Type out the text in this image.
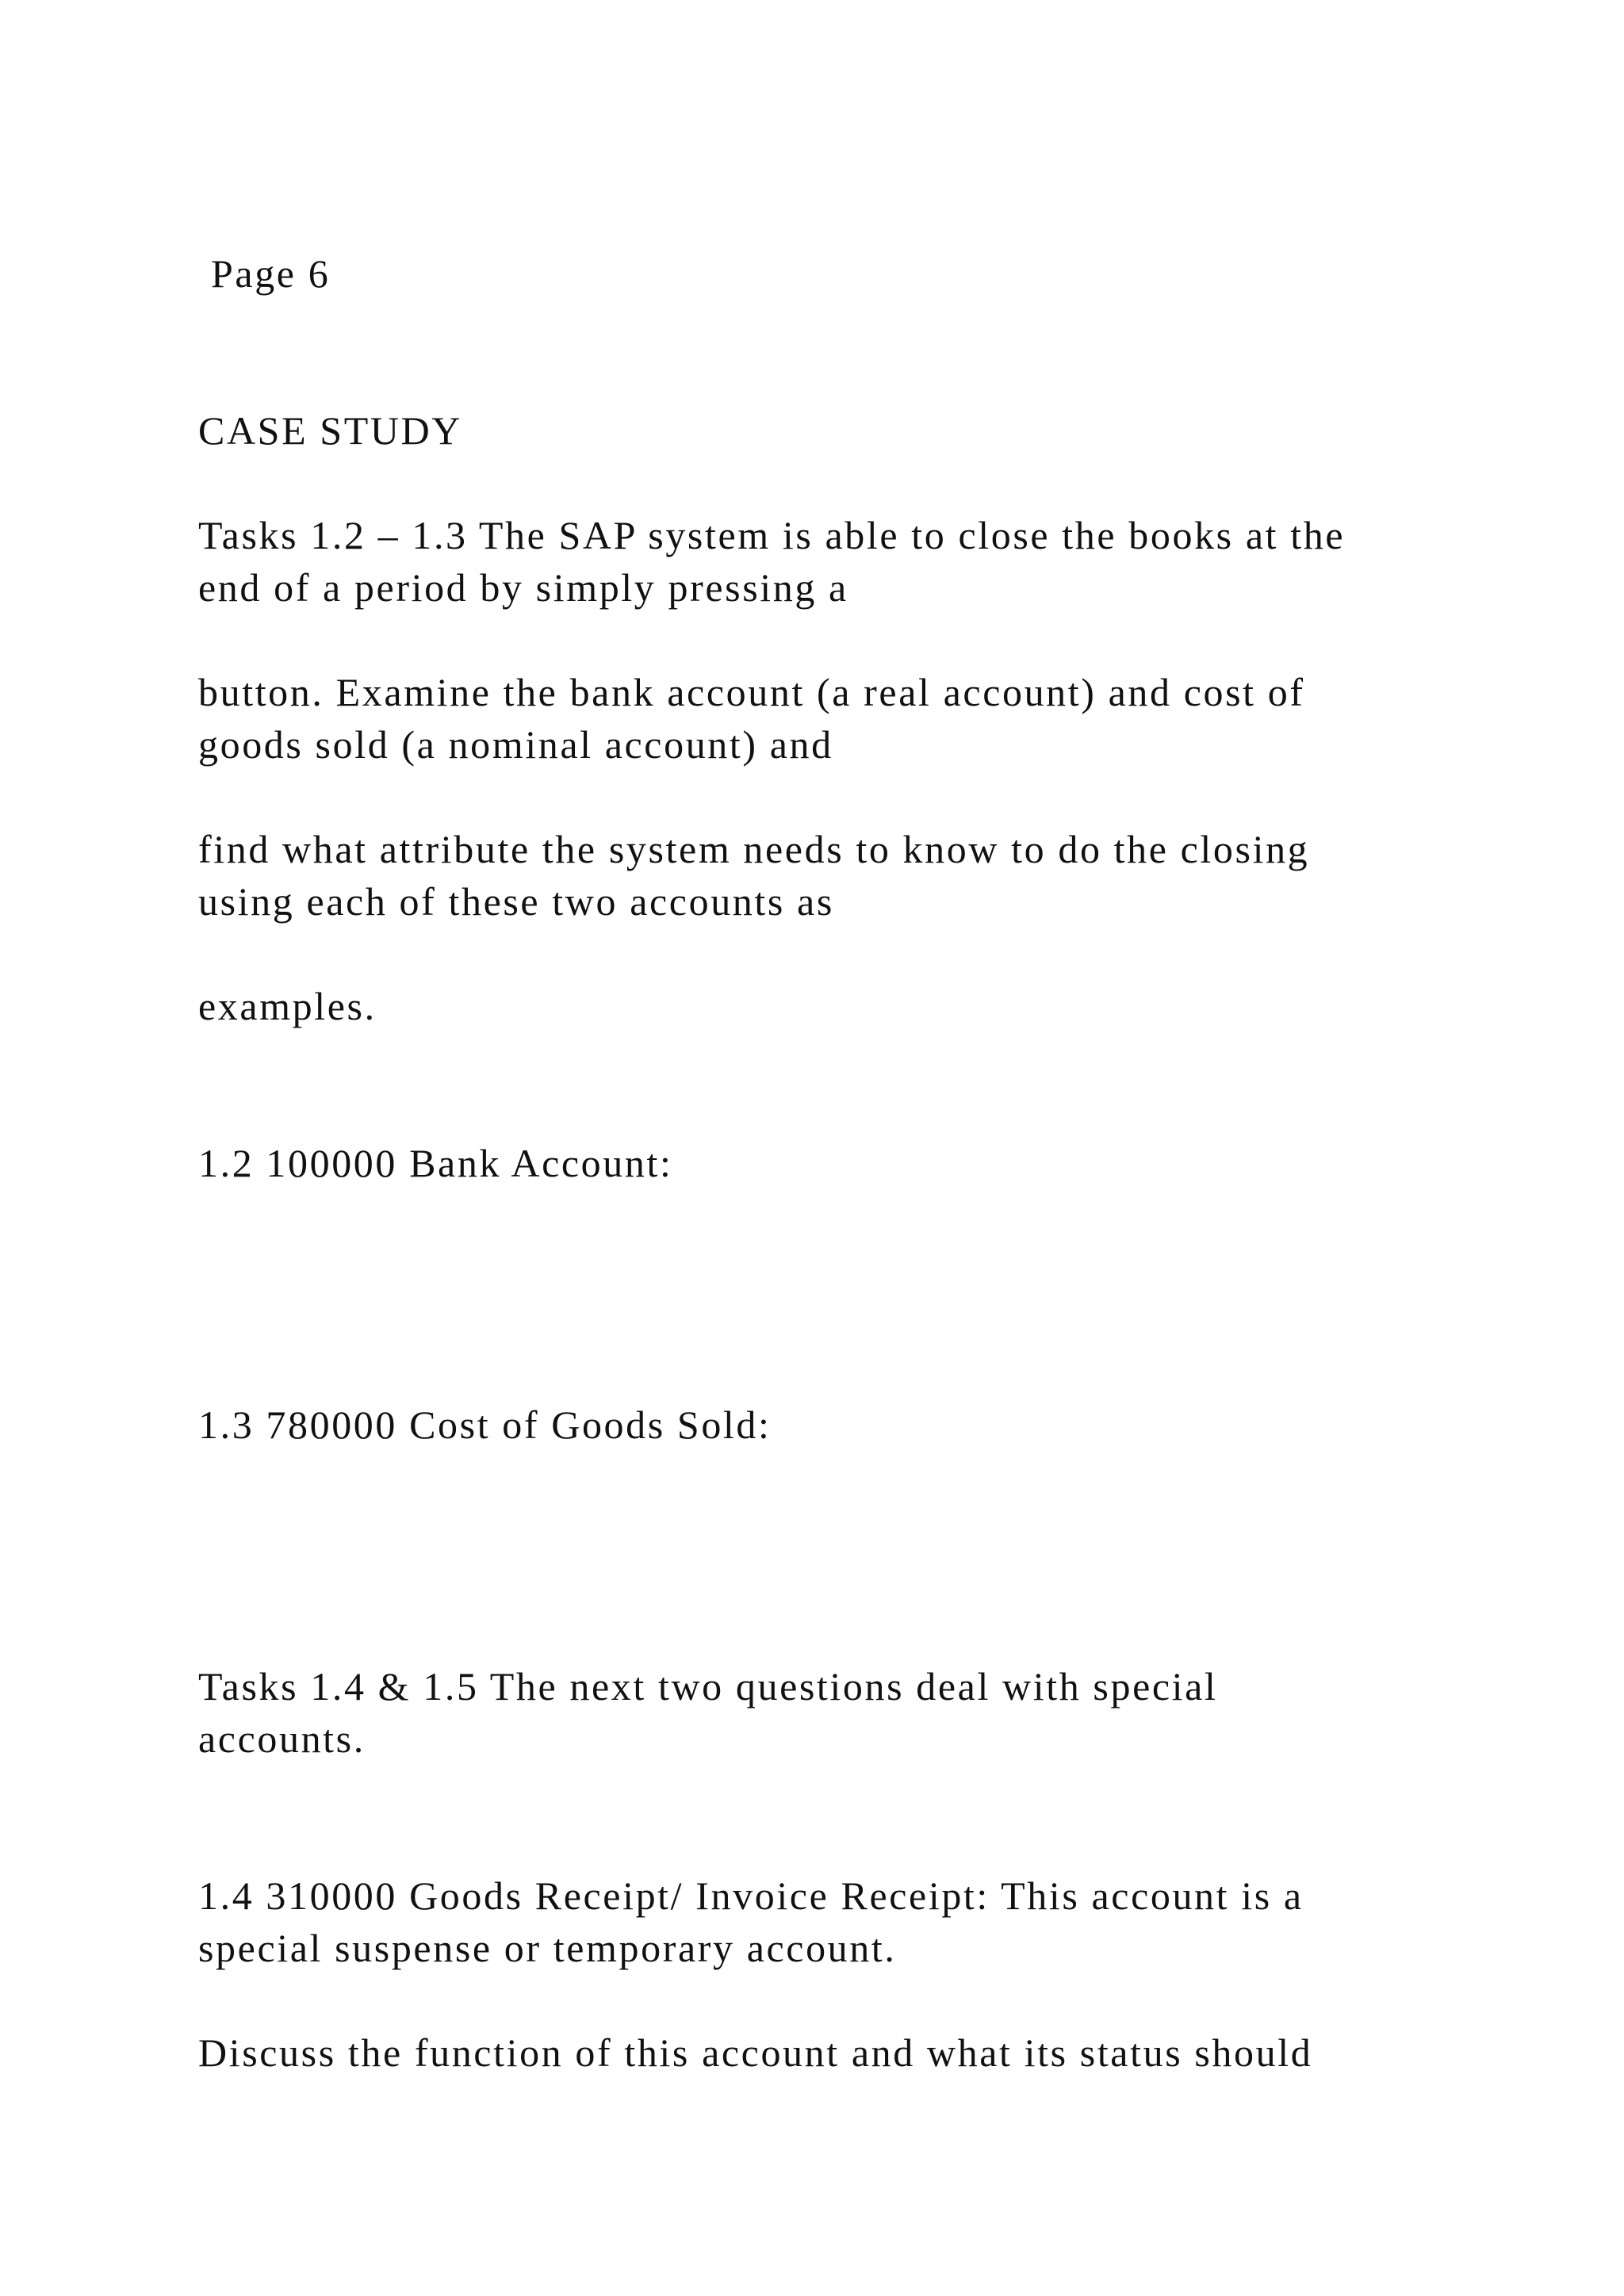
Page 6

CASE STUDY

Tasks 1.2 – 1.3 The SAP system is able to close the books at the

end of a period by simply pressing a

button. Examine the bank account (a real account) and cost of

goods sold (a nominal account) and

find what attribute the system needs to know to do the closing

using each of these two accounts as

examples.

1.2 100000 Bank Account:

1.3 780000 Cost of Goods Sold:

Tasks 1.4 & 1.5 The next two questions deal with special

accounts.

1.4 310000 Goods Receipt/ Invoice Receipt: This account is a

special suspense or temporary account.

Discuss the function of this account and what its status should
